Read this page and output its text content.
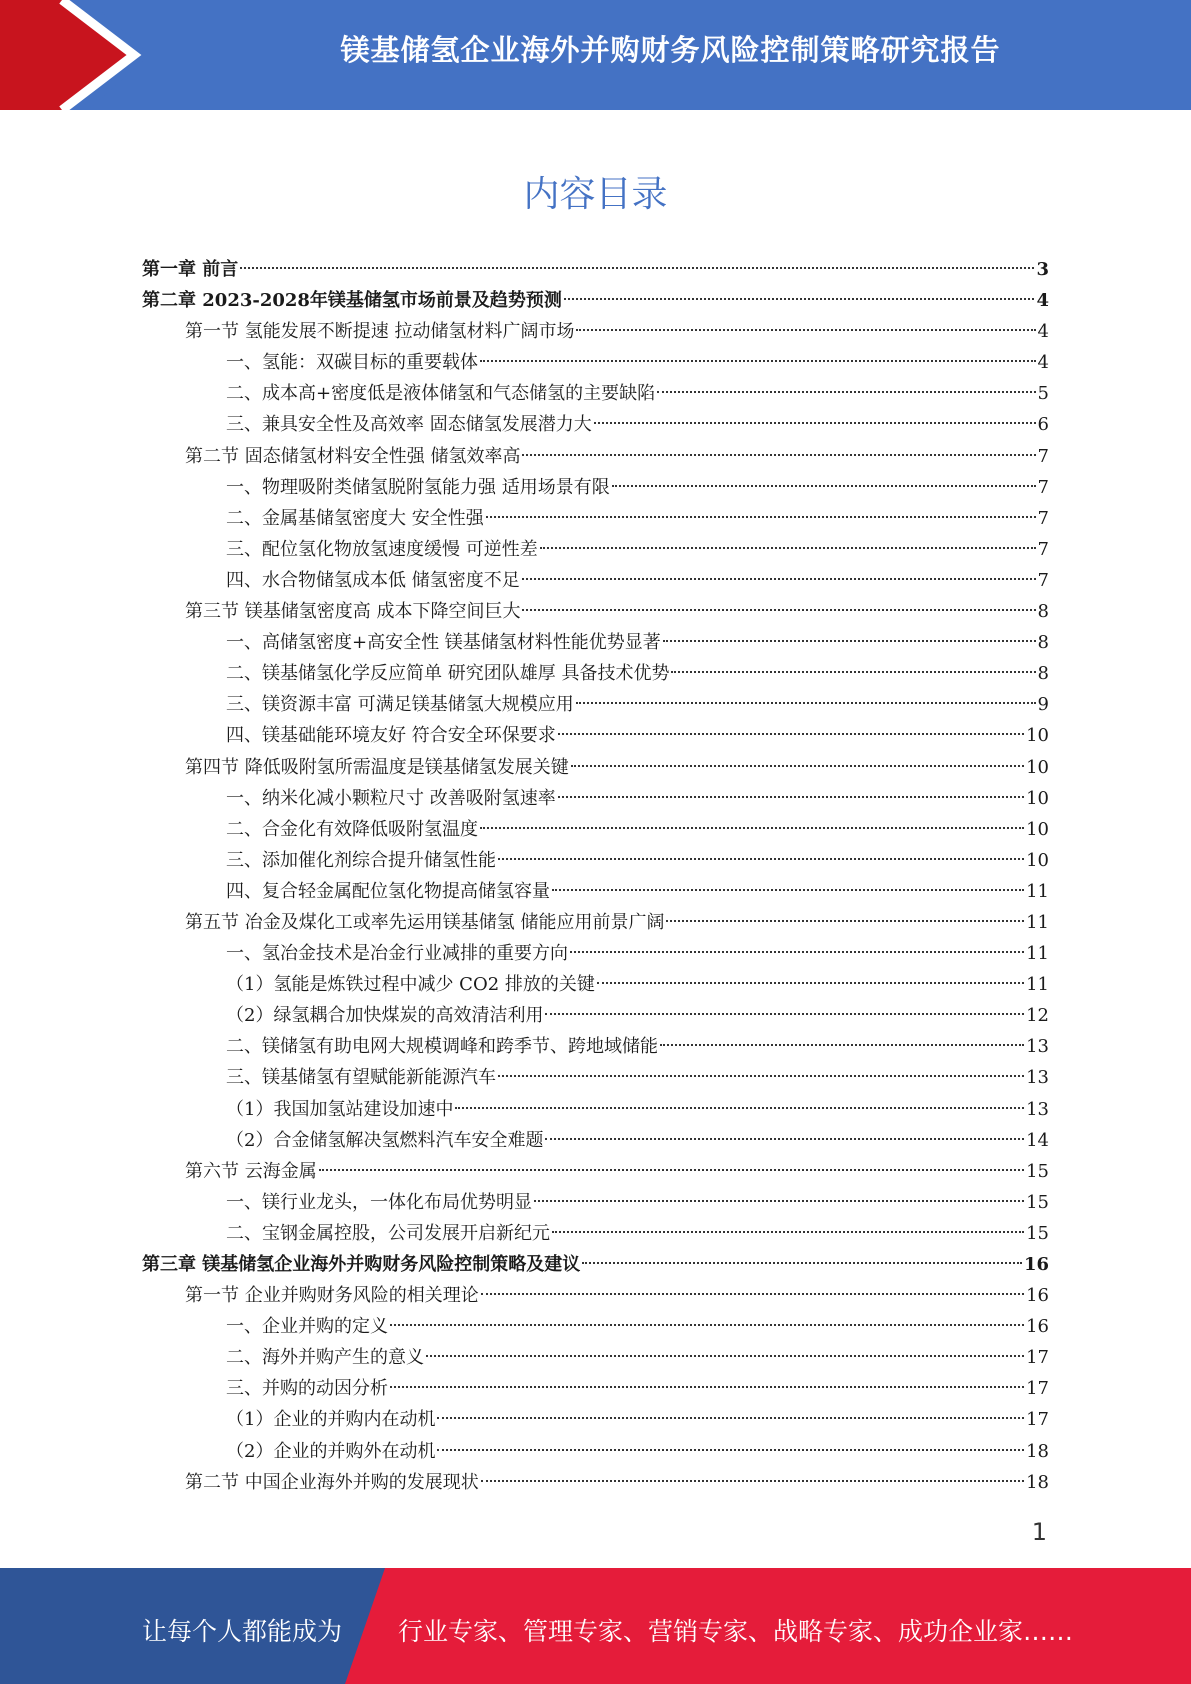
镁基储氢企业海外并购财务风险控制策略研究报告
内容目录
第一章 前言	3
第二章 2023-2028年镁基储氢市场前景及趋势预测	4
第一节 氢能发展不断提速 拉动储氢材料广阔市场	4
一、氢能：双碳目标的重要载体	4
二、成本高+密度低是液体储氢和气态储氢的主要缺陷	5
三、兼具安全性及高效率 固态储氢发展潜力大	6
第二节 固态储氢材料安全性强 储氢效率高	7
一、物理吸附类储氢脱附氢能力强 适用场景有限	7
二、金属基储氢密度大 安全性强	7
三、配位氢化物放氢速度缓慢 可逆性差	7
四、水合物储氢成本低 储氢密度不足	7
第三节 镁基储氢密度高 成本下降空间巨大	8
一、高储氢密度+高安全性 镁基储氢材料性能优势显著	8
二、镁基储氢化学反应简单 研究团队雄厚 具备技术优势	8
三、镁资源丰富 可满足镁基储氢大规模应用	9
四、镁基础能环境友好 符合安全环保要求	10
第四节 降低吸附氢所需温度是镁基储氢发展关键	10
一、纳米化减小颗粒尺寸 改善吸附氢速率	10
二、合金化有效降低吸附氢温度	10
三、添加催化剂综合提升储氢性能	10
四、复合轻金属配位氢化物提高储氢容量	11
第五节 冶金及煤化工或率先运用镁基储氢 储能应用前景广阔	11
一、氢冶金技术是冶金行业减排的重要方向	11
（1）氢能是炼铁过程中减少 CO2 排放的关键	11
（2）绿氢耦合加快煤炭的高效清洁利用	12
二、镁储氢有助电网大规模调峰和跨季节、跨地域储能	13
三、镁基储氢有望赋能新能源汽车	13
（1）我国加氢站建设加速中	13
（2）合金储氢解决氢燃料汽车安全难题	14
第六节 云海金属	15
一、镁行业龙头，一体化布局优势明显	15
二、宝钢金属控股，公司发展开启新纪元	15
第三章 镁基储氢企业海外并购财务风险控制策略及建议	16
第一节 企业并购财务风险的相关理论	16
一、企业并购的定义	16
二、海外并购产生的意义	17
三、并购的动因分析	17
（1）企业的并购内在动机	17
（2）企业的并购外在动机	18
第二节 中国企业海外并购的发展现状	18
1
让每个人都能成为 行业专家、管理专家、营销专家、战略专家、成功企业家……
